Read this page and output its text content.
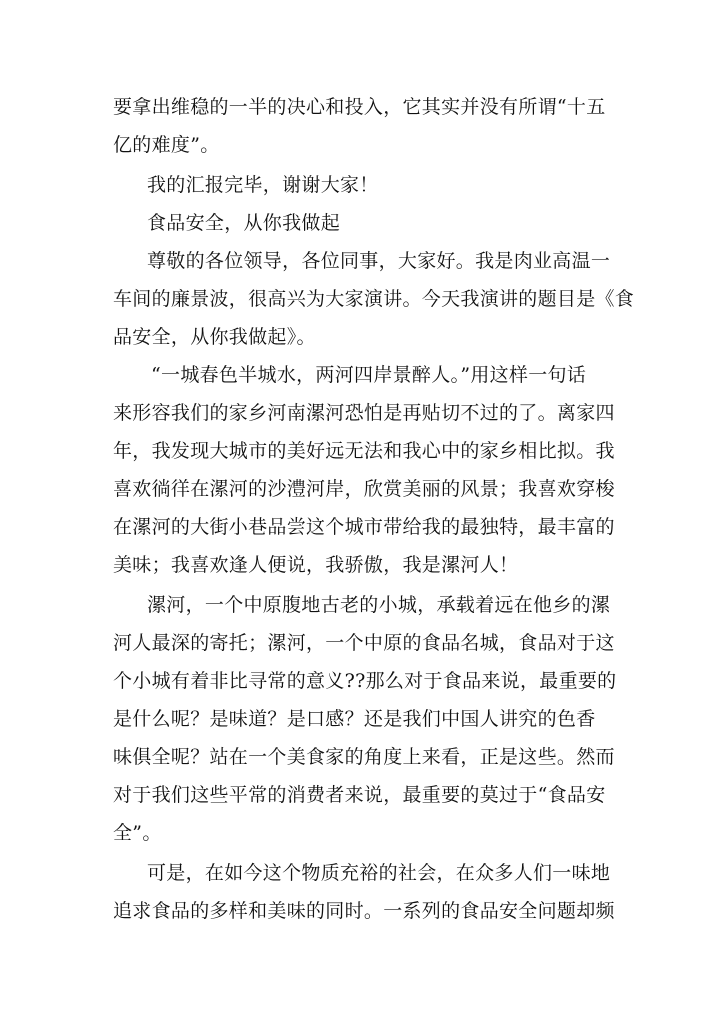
要拿出维稳的一半的决心和投入，它其实并没有所谓“十五
亿的难度”。
我的汇报完毕，谢谢大家！
食品安全，从你我做起
尊敬的各位领导，各位同事，大家好。我是肉业高温一
车间的廉景波，很高兴为大家演讲。今天我演讲的题目是《食
品安全，从你我做起》。
“一城春色半城水，两河四岸景醉人。”用这样一句话
来形容我们的家乡河南漯河恐怕是再贴切不过的了。离家四
年，我发现大城市的美好远无法和我心中的家乡相比拟。我
喜欢徜徉在漯河的沙澧河岸，欣赏美丽的风景；我喜欢穿梭
在漯河的大街小巷品尝这个城市带给我的最独特，最丰富的
美味；我喜欢逢人便说，我骄傲，我是漯河人！
漯河，一个中原腹地古老的小城，承载着远在他乡的漯
河人最深的寄托；漯河，一个中原的食品名城，食品对于这
个小城有着非比寻常的意义??那么对于食品来说，最重要的
是什么呢？是味道？是口感？还是我们中国人讲究的色香
味俱全呢？站在一个美食家的角度上来看，正是这些。然而
对于我们这些平常的消费者来说，最重要的莫过于“食品安
全”。
可是，在如今这个物质充裕的社会，在众多人们一味地
追求食品的多样和美味的同时。一系列的食品安全问题却频
